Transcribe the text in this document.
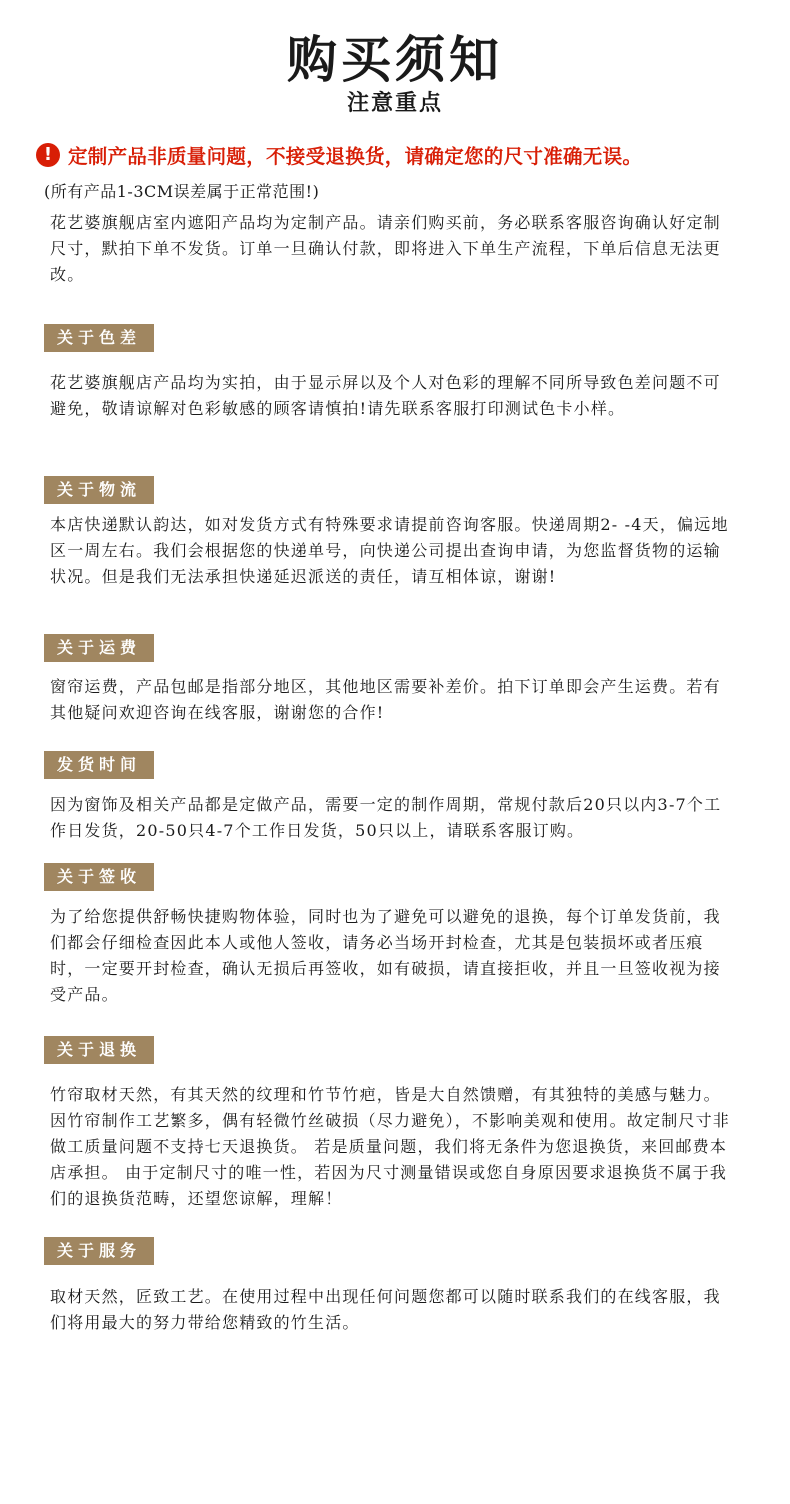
购买须知
注意重点
! 定制产品非质量问题，不接受退换货，请确定您的尺寸准确无误。
(所有产品1-3CM误差属于正常范围!)

花艺婆旗舰店室内遮阳产品均为定制产品。请亲们购买前，务必联系客服咨询确认好定制尺寸，默拍下单不发货。订单一旦确认付款，即将进入下单生产流程，下单后信息无法更改。

关于色差

花艺婆旗舰店产品均为实拍，由于显示屏以及个人对色彩的理解不同所导致色差问题不可避免，敬请谅解对色彩敏感的顾客请慎拍!请先联系客服打印测试色卡小样。

关于物流

本店快递默认韵达，如对发货方式有特殊要求请提前咨询客服。快递周期2- -4天，偏远地区一周左右。我们会根据您的快递单号，向快递公司提出查询申请，为您监督货物的运输状况。但是我们无法承担快递延迟派送的责任，请互相体谅，谢谢!

关于运费

窗帘运费，产品包邮是指部分地区，其他地区需要补差价。拍下订单即会产生运费。若有其他疑问欢迎咨询在线客服，谢谢您的合作!

发货时间

因为窗饰及相关产品都是定做产品，需要一定的制作周期，常规付款后20只以内3-7个工作日发货，20-50只4-7个工作日发货，50只以上，请联系客服订购。

关于签收

为了给您提供舒畅快捷购物体验，同时也为了避免可以避免的退换，每个订单发货前，我们都会仔细检查因此本人或他人签收，请务必当场开封检查，尤其是包装损坏或者压痕时，一定要开封检查，确认无损后再签收，如有破损，请直接拒收，并且一旦签收视为接受产品。

关于退换

竹帘取材天然，有其天然的纹理和竹节竹疤，皆是大自然馈赠，有其独特的美感与魅力。因竹帘制作工艺繁多，偶有轻微竹丝破损（尽力避免），不影响美观和使用。故定制尺寸非做工质量问题不支持七天退换货。 若是质量问题，我们将无条件为您退换货，来回邮费本店承担。 由于定制尺寸的唯一性，若因为尺寸测量错误或您自身原因要求退换货不属于我们的退换货范畴，还望您谅解，理解！

关于服务

取材天然，匠致工艺。在使用过程中出现任何问题您都可以随时联系我们的在线客服，我们将用最大的努力带给您精致的竹生活。
